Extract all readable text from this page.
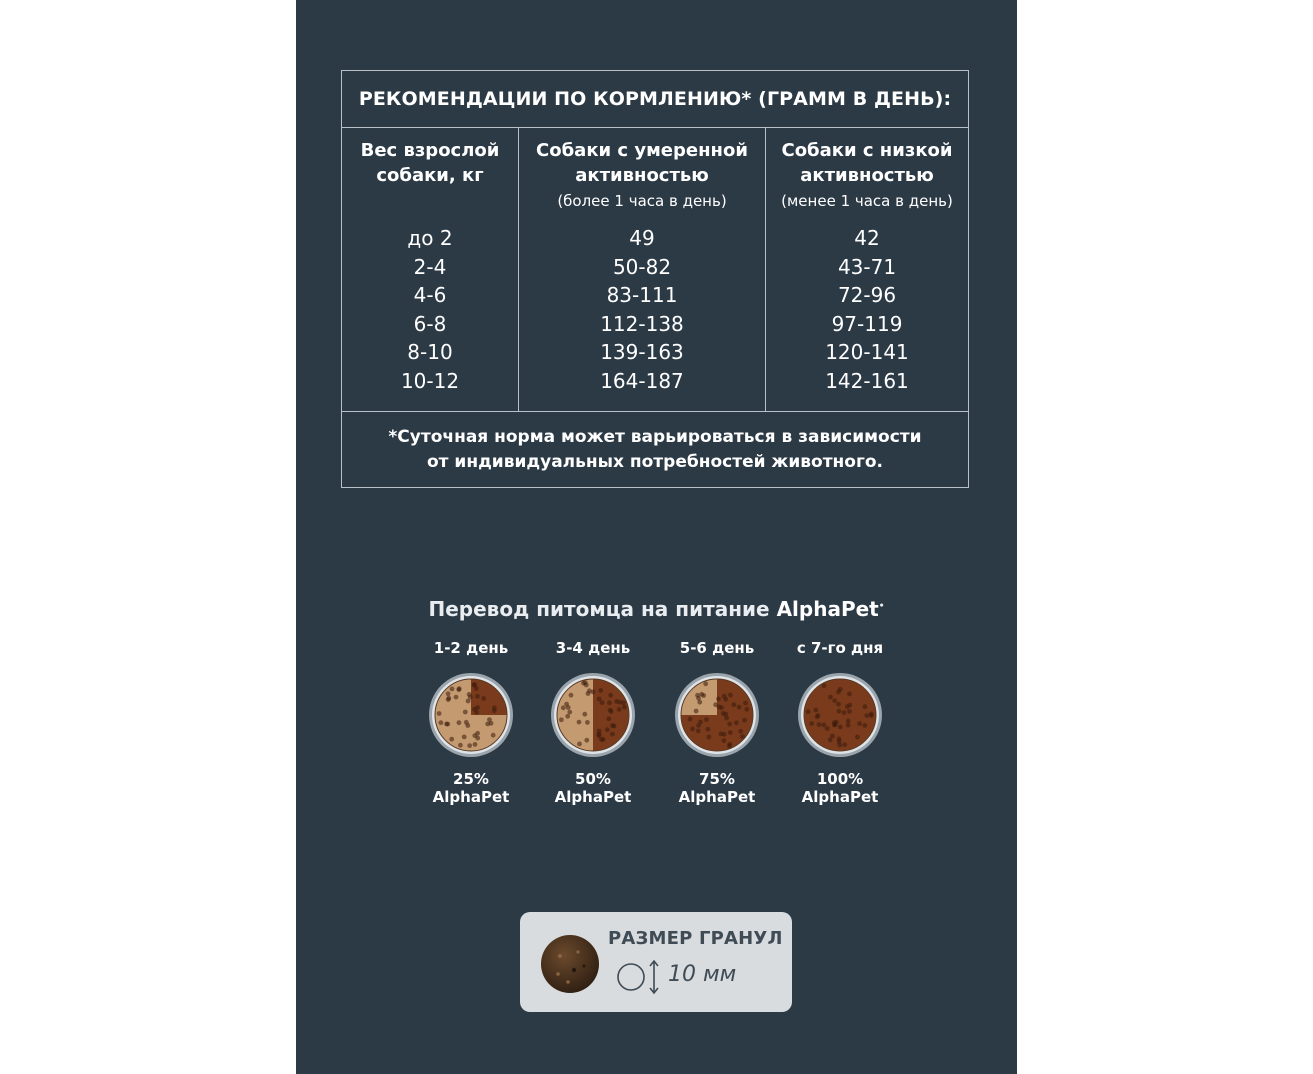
РЕКОМЕНДАЦИИ ПО КОРМЛЕНИЮ* (ГРАММ В ДЕНЬ):
Вес взрослой
собаки, кг
до 2
2-4
4-6
6-8
8-10
10-12
Собаки с умеренной
активностью
(более 1 часа в день)
49
50-82
83-111
112-138
139-163
164-187
Собаки с низкой
активностью
(менее 1 часа в день)
42
43-71
72-96
97-119
120-141
142-161
*Суточная норма может варьироваться в зависимости
от индивидуальных потребностей животного.
Перевод питомца на питание AlphaPet•
1-2 день
25%
AlphaPet
3-4 день
50%
AlphaPet
5-6 день
75%
AlphaPet
с 7-го дня
100%
AlphaPet
РАЗМЕР ГРАНУЛ
10 мм
